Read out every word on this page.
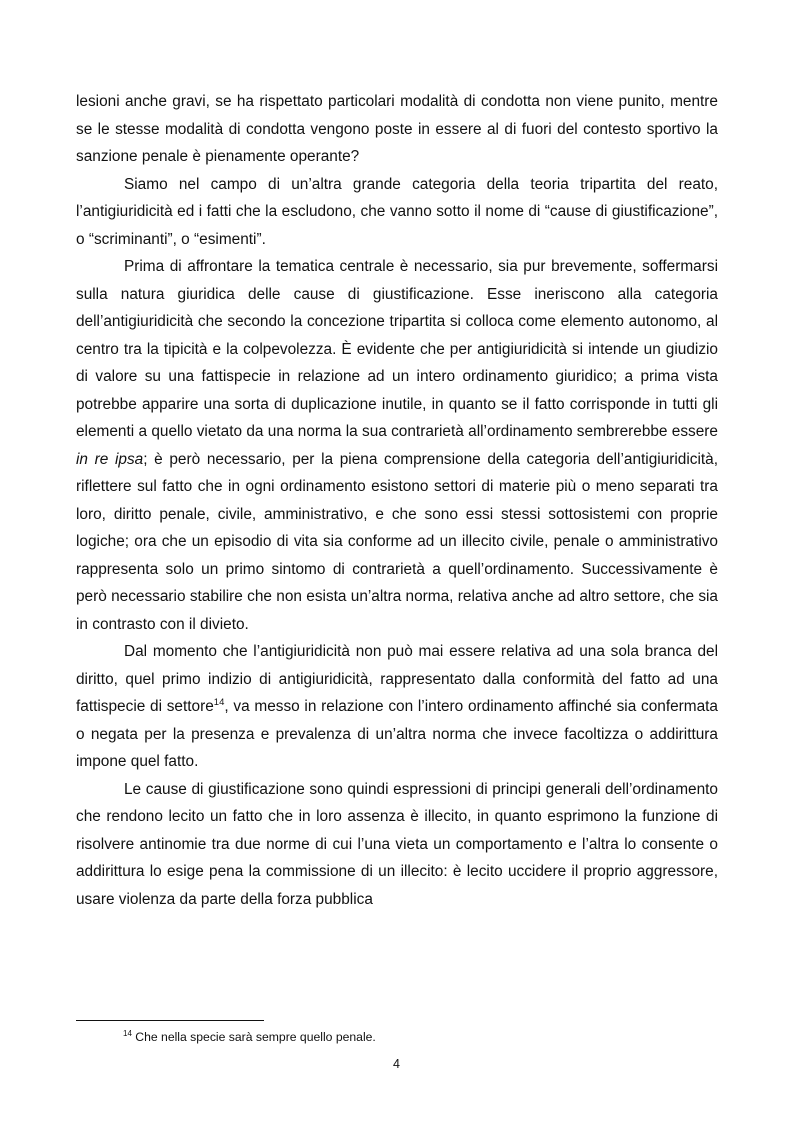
lesioni anche gravi, se ha rispettato particolari modalità di condotta non viene punito, mentre se le stesse modalità di condotta vengono poste in essere al di fuori del contesto sportivo la sanzione penale è pienamente operante?

Siamo nel campo di un’altra grande categoria della teoria tripartita del reato, l’antigiuridicità ed i fatti che la escludono, che vanno sotto il nome di “cause di giustificazione”, o “scriminanti”, o “esimenti”.

Prima di affrontare la tematica centrale è necessario, sia pur brevemente, soffermarsi sulla natura giuridica delle cause di giustificazione. Esse ineriscono alla categoria dell’antigiuridicità che secondo la concezione tripartita si colloca come elemento autonomo, al centro tra la tipicità e la colpevolezza. È evidente che per antigiuridicità si intende un giudizio di valore su una fattispecie in relazione ad un intero ordinamento giuridico; a prima vista potrebbe apparire una sorta di duplicazione inutile, in quanto se il fatto corrisponde in tutti gli elementi a quello vietato da una norma la sua contrarietà all’ordinamento sembrerebbe essere in re ipsa; è però necessario, per la piena comprensione della categoria dell’antigiuridicità, riflettere sul fatto che in ogni ordinamento esistono settori di materie più o meno separati tra loro, diritto penale, civile, amministrativo, e che sono essi stessi sottosistemi con proprie logiche; ora che un episodio di vita sia conforme ad un illecito civile, penale o amministrativo rappresenta solo un primo sintomo di contrarietà a quell’ordinamento. Successivamente è però necessario stabilire che non esista un’altra norma, relativa anche ad altro settore, che sia in contrasto con il divieto.

Dal momento che l’antigiuridicità non può mai essere relativa ad una sola branca del diritto, quel primo indizio di antigiuridicità, rappresentato dalla conformità del fatto ad una fattispecie di settore$^{14}$, va messo in relazione con l’intero ordinamento affinché sia confermata o negata per la presenza e prevalenza di un’altra norma che invece facoltizza o addirittura impone quel fatto.

Le cause di giustificazione sono quindi espressioni di principi generali dell’ordinamento che rendono lecito un fatto che in loro assenza è illecito, in quanto esprimono la funzione di risolvere antinomie tra due norme di cui l’una vieta un comportamento e l’altra lo consente o addirittura lo esige pena la commissione di un illecito: è lecito uccidere il proprio aggressore, usare violenza da parte della forza pubblica

$^{14}$ Che nella specie sarà sempre quello penale.
4
